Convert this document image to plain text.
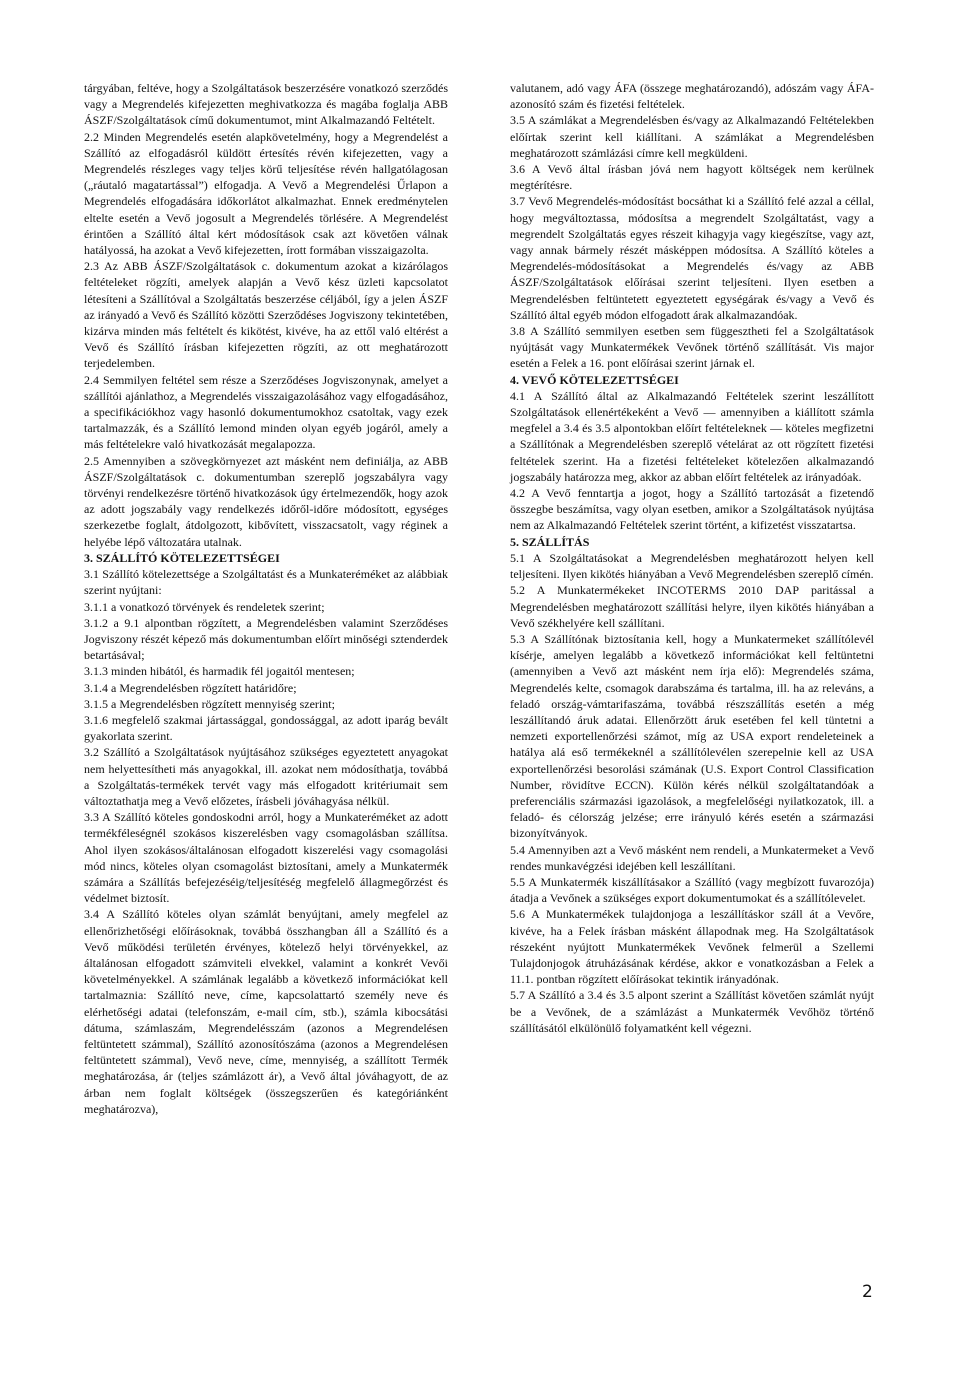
tárgyában, feltéve, hogy a Szolgáltatások beszerzésére vonatkozó szerződés vagy a Megrendelés kifejezetten meghivatkozza és magába foglalja ABB ÁSZF/Szolgáltatások című dokumentumot, mint Alkalmazandó Feltételt.

2.2 Minden Megrendelés esetén alapkövetelmény, hogy a Megrendelést a Szállító az elfogadásról küldött értesítés révén kifejezetten, vagy a Megrendelés részleges vagy teljes körű teljesítése révén hallgatólagosan („ráutaló magatartással”) elfogadja. A Vevő a Megrendelési Űrlapon a Megrendelés elfogadására időkorlátot alkalmazhat. Ennek eredménytelen eltelte esetén a Vevő jogosult a Megrendelés törlésére. A Megrendelést érintően a Szállító által kért módosítások csak azt követően válnak hatályossá, ha azokat a Vevő kifejezetten, írott formában visszaigazolta.

2.3 Az ABB ÁSZF/Szolgáltatások c. dokumentum azokat a kizárólagos feltételeket rögzíti, amelyek alapján a Vevő kész üzleti kapcsolatot létesíteni a Szállítóval a Szolgáltatás beszerzése céljából, így a jelen ÁSZF az irányadó a Vevő és Szállító közötti Szerződéses Jogviszony tekintetében, kizárva minden más feltételt és kikötést, kivéve, ha az ettől való eltérést a Vevő és Szállító írásban kifejezetten rögzíti, az ott meghatározott terjedelemben.

2.4 Semmilyen feltétel sem része a Szerződéses Jogviszonynak, amelyet a szállítói ajánlathoz, a Megrendelés visszaigazolásához vagy elfogadásához, a specifikációkhoz vagy hasonló dokumentumokhoz csatoltak, vagy ezek tartalmazzák, és a Szállító lemond minden olyan egyéb jogáról, amely a más feltételekre való hivatkozását megalapozza.

2.5 Amennyiben a szövegkörnyezet azt másként nem definiálja, az ABB ÁSZF/Szolgáltatások c. dokumentumban szereplő jogszabályra vagy törvényi rendelkezésre történő hivatkozások úgy értelmezendők, hogy azok az adott jogszabály vagy rendelkezés időről-időre módosított, egységes szerkezetbe foglalt, átdolgozott, kibővített, visszacsatolt, vagy réginek a helyébe lépő változatára utalnak.

3. SZÁLLÍTÓ KÖTELEZETTSÉGEI

3.1 Szállító kötelezettsége a Szolgáltatást és a Munkateréméket az alábbiak szerint nyújtani:

3.1.1 a vonatkozó törvények és rendeletek szerint;

3.1.2 a 9.1 alpontban rögzített, a Megrendelésben valamint Szerződéses Jogviszony részét képező más dokumentumban előírt minőségi sztenderdek betartásával;

3.1.3 minden hibától, és harmadik fél jogaitól mentesen;

3.1.4 a Megrendelésben rögzített határidőre;

3.1.5 a Megrendelésben rögzített mennyiség szerint;

3.1.6 megfelelő szakmai jártassággal, gondossággal, az adott iparág bevált gyakorlata szerint.

3.2 Szállító a Szolgáltatások nyújtásához szükséges egyeztetett anyagokat nem helyettesítheti más anyagokkal, ill. azokat nem módosíthatja, továbbá a Szolgáltatás-termékek tervét vagy más elfogadott kritériumait sem változtathatja meg a Vevő előzetes, írásbeli jóváhagyása nélkül.

3.3 A Szállító köteles gondoskodni arról, hogy a Munkateréméket az adott termékféleségnél szokásos kiszerelésben vagy csomagolásban szállítsa. Ahol ilyen szokásos/általánosan elfogadott kiszerelési vagy csomagolási mód nincs, köteles olyan csomagolást biztosítani, amely a Munkatermék számára a Szállítás befejezéséig/teljesítéség megfelelő állagmegőrzést és védelmet biztosít.

3.4 A Szállító köteles olyan számlát benyújtani, amely megfelel az ellenőrizhetőségi előírásoknak, továbbá összhangban áll a Szállító és a Vevő működési területén érvényes, kötelező helyi törvényekkel, az általánosan elfogadott számviteli elvekkel, valamint a konkrét Vevői követelményekkel. A számlának legalább a következő információkat kell tartalmaznia: Szállító neve, címe, kapcsolattartó személy neve és elérhetőségi adatai (telefonszám, e-mail cím, stb.), számla kibocsátási dátuma, számlaszám, Megrendelésszám (azonos a Megrendelésen feltüntetett számmal), Szállító azonosítószáma (azonos a Megrendelésen feltüntetett számmal), Vevő neve, címe, mennyiség, a szállított Termék meghatározása, ár (teljes számlázott ár), a Vevő által jóváhagyott, de az árban nem foglalt költségek (összegszerűen és kategóriánként meghatározva),

valutanem, adó vagy ÁFA (összege meghatározandó), adószám vagy ÁFA-azonosító szám és fizetési feltételek.

3.5 A számlákat a Megrendelésben és/vagy az Alkalmazandó Feltételekben előírtak szerint kell kiállítani. A számlákat a Megrendelésben meghatározott számlázási címre kell megküldeni.

3.6 A Vevő által írásban jóvá nem hagyott költségek nem kerülnek megtérítésre.

3.7 Vevő Megrendelés-módosítást bocsáthat ki a Szállító felé azzal a céllal, hogy megváltoztassa, módosítsa a megrendelt Szolgáltatást, vagy a megrendelt Szolgáltatás egyes részeit kihagyja vagy kiegészítse, vagy azt, vagy annak bármely részét másképpen módosítsa. A Szállító köteles a Megrendelés-módosításokat a Megrendelés és/vagy az ABB ÁSZF/Szolgáltatások előírásai szerint teljesíteni. Ilyen esetben a Megrendelésben feltüntetett egyeztetett egységárak és/vagy a Vevő és Szállító által egyéb módon elfogadott árak alkalmazandóak.

3.8 A Szállító semmilyen esetben sem függesztheti fel a Szolgáltatások nyújtását vagy Munkatermékek Vevőnek történő szállítását. Vis major esetén a Felek a 16. pont előírásai szerint járnak el.

4. VEVŐ KÖTELEZETTSÉGEI

4.1 A Szállító által az Alkalmazandó Feltételek szerint leszállított Szolgáltatások ellenértékeként a Vevő — amennyiben a kiállított számla megfelel a 3.4 és 3.5 alpontokban előírt feltételeknek — köteles megfizetni a Szállítónak a Megrendelésben szereplő vételárat az ott rögzített fizetési feltételek szerint. Ha a fizetési feltételeket kötelezően alkalmazandó jogszabály határozza meg, akkor az abban előírt feltételek az irányadóak.

4.2 A Vevő fenntartja a jogot, hogy a Szállító tartozását a fizetendő összegbe beszámítsa, vagy olyan esetben, amikor a Szolgáltatások nyújtása nem az Alkalmazandó Feltételek szerint történt, a kifizetést visszatartsa.

5. SZÁLLÍTÁS

5.1 A Szolgáltatásokat a Megrendelésben meghatározott helyen kell teljesíteni. Ilyen kikötés hiányában a Vevő Megrendelésben szereplő címén.

5.2 A Munkatermékeket INCOTERMS 2010 DAP paritással a Megrendelésben meghatározott szállítási helyre, ilyen kikötés hiányában a Vevő székhelyére kell szállítani.

5.3 A Szállítónak biztosítania kell, hogy a Munkatermeket szállítólevél kísérje, amelyen legalább a következő információkat kell feltüntetni (amennyiben a Vevő azt másként nem írja elő): Megrendelés száma, Megrendelés kelte, csomagok darabszáma és tartalma, ill. ha az releváns, a feladó ország-vámtarifaszáma, továbbá részszállítás esetén a még leszállítandó áruk adatai. Ellenőrzött áruk esetében fel kell tüntetni a nemzeti exportellenőrzési számot, míg az USA export rendeleteinek a hatálya alá eső termékeknél a szállítólevélen szerepelnie kell az USA exportellenőrzési besorolási számának (U.S. Export Control Classification Number, rövidítve ECCN). Külön kérés nélkül szolgáltatandóak a preferenciális származási igazolások, a megfelelőségi nyilatkozatok, ill. a feladó- és célország jelzése; erre irányuló kérés esetén a származási bizonyítványok.

5.4 Amennyiben azt a Vevő másként nem rendeli, a Munkatermeket a Vevő rendes munkavégzési idejében kell leszállítani.

5.5 A Munkatermék kiszállításakor a Szállító (vagy megbízott fuvarozója) átadja a Vevőnek a szükséges export dokumentumokat és a szállítólevelet.

5.6 A Munkatermékek tulajdonjoga a leszállításkor száll át a Vevőre, kivéve, ha a Felek írásban másként állapodnak meg. Ha Szolgáltatások részeként nyújtott Munkatermékek Vevőnek felmerül a Szellemi Tulajdonjogok átruházásának kérdése, akkor e vonatkozásban a Felek a 11.1. pontban rögzített előírásokat tekintik irányadónak.

5.7 A Szállító a 3.4 és 3.5 alpont szerint a Szállítást követően számlát nyújt be a Vevőnek, de a számlázást a Munkatermék Vevőhöz történő szállításától elkülönülő folyamatként kell végezni.

2
